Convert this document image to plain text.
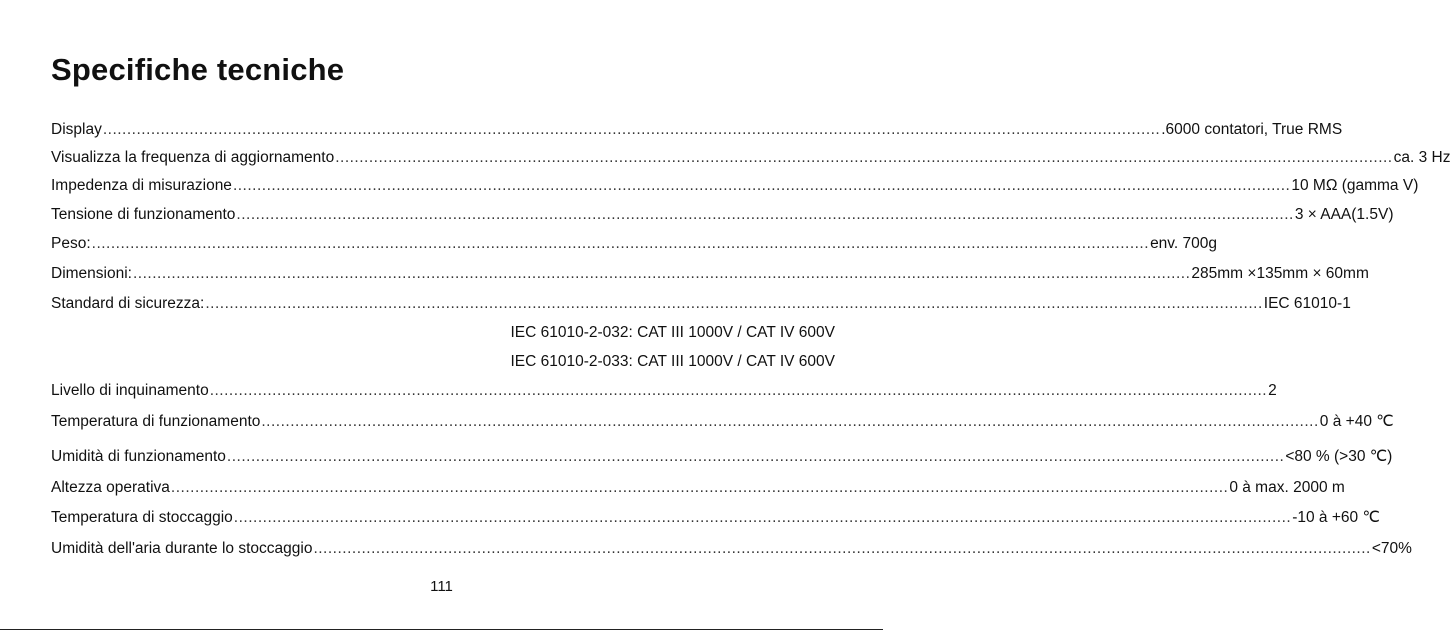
Specifiche tecniche
Display ............................................................................................................................................................................................................................ .6000 contatori, True RMS
Visualizza la frequenza di aggiornamento ............................................................................................................................................................................................................................ ca. 3 Hz
Impedenza di misurazione ............................................................................................................................................................................................................................ 10 MΩ (gamma V)
Tensione di funzionamento ............................................................................................................................................................................................................................ 3 × AAA(1.5V)
Peso: ............................................................................................................................................................................................................................ env. 700g
Dimensioni: ............................................................................................................................................................................................................................ 285mm ×135mm × 60mm
Standard di sicurezza: ............................................................................................................................................................................................................................ IEC 61010-1
IEC 61010-2-032: CAT III 1000V / CAT IV 600V
IEC 61010-2-033: CAT III 1000V / CAT IV 600V
Livello di inquinamento ............................................................................................................................................................................................................................ 2
Temperatura di funzionamento ............................................................................................................................................................................................................................ 0 à +40 ℃
Umidità di funzionamento ............................................................................................................................................................................................................................ <80 % (>30 ℃)
Altezza operativa ............................................................................................................................................................................................................................ 0 à max. 2000 m
Temperatura di stoccaggio ............................................................................................................................................................................................................................ -10 à +60 ℃
Umidità dell'aria durante lo stoccaggio ............................................................................................................................................................................................................................ <70%
111
